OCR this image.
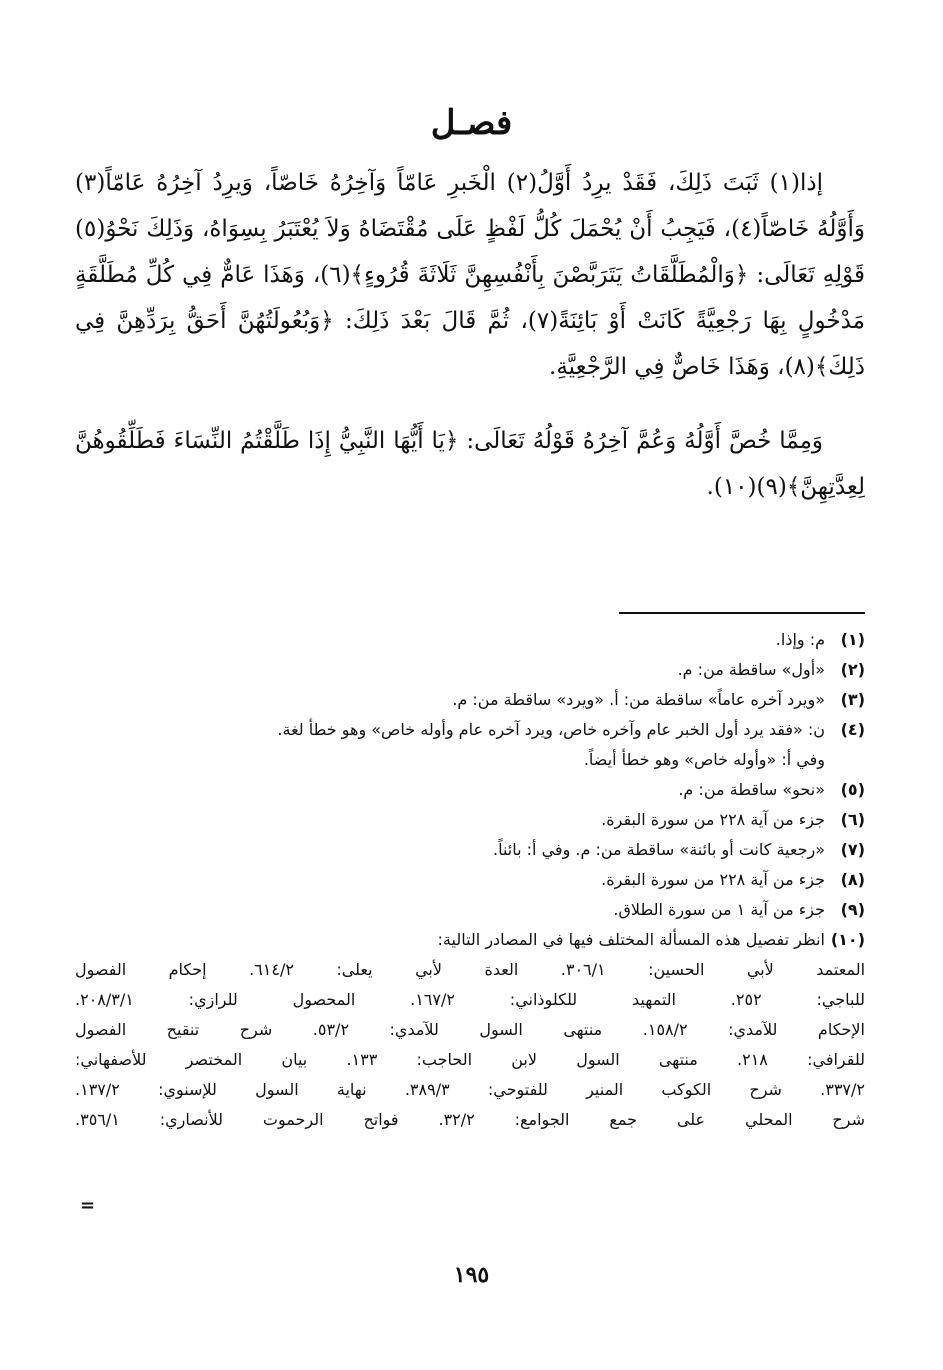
فصـل

إذا(١) ثَبَتَ ذَلِكَ، فَقَدْ يرِدُ أَوَّلُ(٢) الْخَبرِ عَامّاً وَآخِرُهُ خَاصّاً، وَيرِدُ آخِرُهُ عَامّاً(٣) وَأَوَّلُهُ خَاصّاً(٤)، فَيَجِبُ أَنْ يُحْمَلَ كُلُّ لَفْظٍ عَلَى مُقْتَضَاهُ وَلاَ يُعْتَبَرُ بِسِوَاهُ، وَذَلِكَ نَحْوُ(٥) قَوْلِهِ تَعَالَى: ﴿وَالْمُطَلَّقَاتُ يَتَرَبَّصْنَ بِأَنْفُسِهِنَّ ثَلَاثَةَ قُرُوءٍ﴾(٦)، وَهَذَا عَامٌّ فِي كُلِّ مُطَلَّقَةٍ مَدْخُولٍ بِهَا رَجْعِيَّةً كَانَتْ أَوْ بَائِنَةً(٧)، ثُمَّ قَالَ بَعْدَ ذَلِكَ: ﴿وَبُعُولَتُهُنَّ أَحَقُّ بِرَدِّهِنَّ فِي ذَلِكَ﴾(٨)، وَهَذَا خَاصٌّ فِي الرَّجْعِيَّةِ.

وَمِمَّا خُصَّ أَوَّلُهُ وَعُمَّ آخِرُهُ قَوْلُهُ تَعَالَى: ﴿يَا أَيُّهَا النَّبِيُّ إِذَا طَلَّقْتُمُ النِّسَاءَ فَطَلِّقُوهُنَّ لِعِدَّتِهِنَّ﴾(٩)(١٠).

(١)
م: وإذا.
(٢)
«أول» ساقطة من: م.
(٣)
«ويرد آخره عاماً» ساقطة من: أ. «ويرد» ساقطة من: م.
(٤)
ن: «فقد يرد أول الخبر عام وآخره خاص، ويرد آخره عام وأوله خاص» وهو خطأ لغة.
وفي أ: «وأوله خاص» وهو خطأ أيضاً.
(٥)
«نحو» ساقطة من: م.
(٦)
جزء من آية ٢٢٨ من سورة البقرة.
(٧)
«رجعية كانت أو بائنة» ساقطة من: م. وفي أ: بائناً.
(٨)
جزء من آية ٢٢٨ من سورة البقرة.
(٩)
جزء من آية ١ من سورة الطلاق.
(١٠)
انظر تفصيل هذه المسألة المختلف فيها في المصادر التالية:
المعتمد لأبي الحسين: ٣٠٦/١. العدة لأبي يعلى: ٦١٤/٢. إحكام الفصول
للباجي: ٢٥٢. التمهيد للكلوذاني: ١٦٧/٢. المحصول للرازي: ٢٠٨/٣/١.
الإحكام للآمدي: ١٥٨/٢. منتهى السول للآمدي: ٥٣/٢. شرح تنقيح الفصول
للقرافي: ٢١٨. منتهى السول لابن الحاجب: ١٣٣. بيان المختصر للأصفهاني:
٣٣٧/٢. شرح الكوكب المنير للفتوحي: ٣٨٩/٣. نهاية السول للإسنوي: ١٣٧/٢.
شرح المحلي على جمع الجوامع: ٣٢/٢. فواتح الرحموت للأنصاري: ٣٥٦/١.
=
١٩٥
